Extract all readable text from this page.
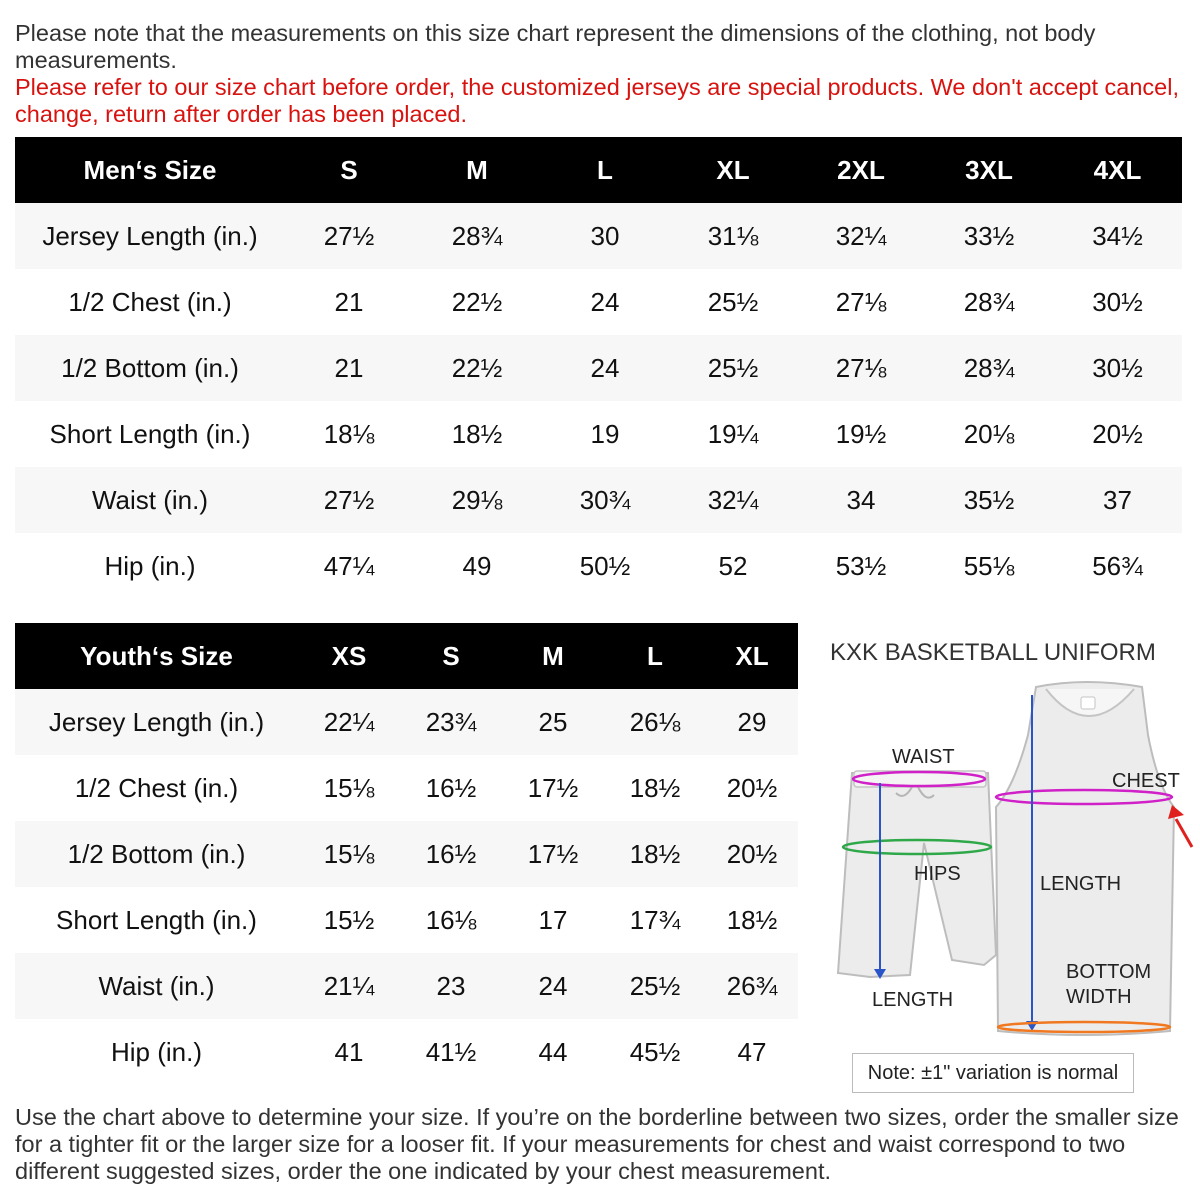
Please note that the measurements on this size chart represent the dimensions of the clothing, not body measurements.
Please refer to our size chart before order, the customized jerseys are special products. We don't accept cancel, change, return after order has been placed.
Men‘s Size	S	M	L	XL	2XL	3XL	4XL
Jersey Length (in.)	27½	28¾	30	31⅛	32¼	33½	34½
1/2 Chest (in.)	21	22½	24	25½	27⅛	28¾	30½
1/2 Bottom (in.)	21	22½	24	25½	27⅛	28¾	30½
Short Length (in.)	18⅛	18½	19	19¼	19½	20⅛	20½
Waist (in.)	27½	29⅛	30¾	32¼	34	35½	37
Hip (in.)	47¼	49	50½	52	53½	55⅛	56¾
Youth‘s Size	XS	S	M	L	XL
Jersey Length (in.)	22¼	23¾	25	26⅛	29
1/2 Chest (in.)	15⅛	16½	17½	18½	20½
1/2 Bottom (in.)	15⅛	16½	17½	18½	20½
Short Length (in.)	15½	16⅛	17	17¾	18½
Waist (in.)	21¼	23	24	25½	26¾
Hip (in.)	41	41½	44	45½	47
KXK BASKETBALL UNIFORM
WAIST
CHEST
HIPS	LENGTH
BOTTOM
WIDTH
LENGTH
Note: ±1" variation is normal
Use the chart above to determine your size. If you’re on the borderline between two sizes, order the smaller size for a tighter fit or the larger size for a looser fit. If your measurements for chest and waist correspond to two different suggested sizes, order the one indicated by your chest measurement.
